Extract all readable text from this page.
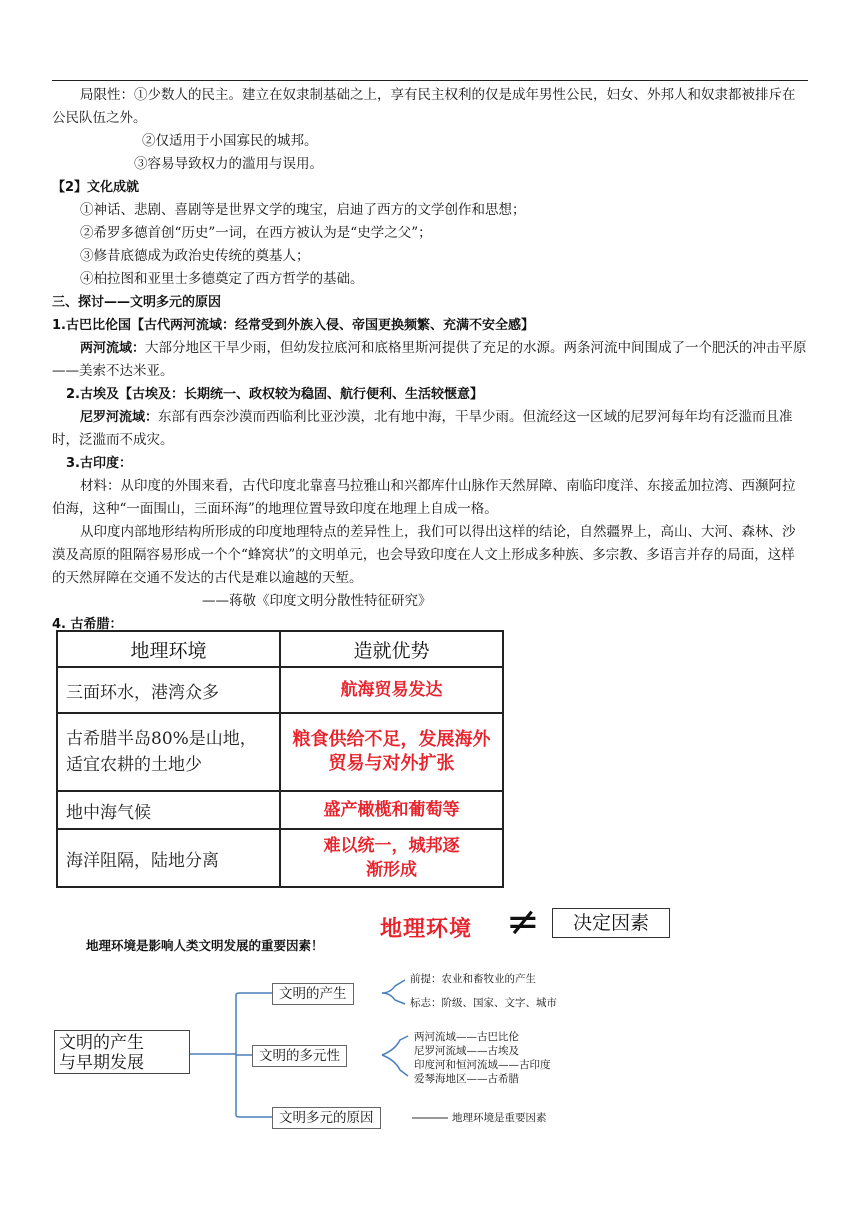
局限性：①少数人的民主。建立在奴隶制基础之上，享有民主权利的仅是成年男性公民，妇女、外邦人和奴隶都被排斥在公民队伍之外。

②仅适用于小国寡民的城邦。

③容易导致权力的滥用与误用。

【2】文化成就

①神话、悲剧、喜剧等是世界文学的瑰宝，启迪了西方的文学创作和思想；

②希罗多德首创“历史”一词，在西方被认为是“史学之父”；

③修昔底德成为政治史传统的奠基人；

④柏拉图和亚里士多德奠定了西方哲学的基础。

三、探讨——文明多元的原因

1.古巴比伦国【古代两河流域：经常受到外族入侵、帝国更换频繁、充满不安全感】

两河流域：大部分地区干旱少雨，但幼发拉底河和底格里斯河提供了充足的水源。两条河流中间围成了一个肥沃的冲击平原——美索不达米亚。

2.古埃及【古埃及：长期统一、政权较为稳固、航行便利、生活较惬意】

尼罗河流域：东部有西奈沙漠而西临利比亚沙漠，北有地中海，干旱少雨。但流经这一区域的尼罗河每年均有泛滥而且准时，泛滥而不成灾。

3.古印度：

材料：从印度的外围来看，古代印度北靠喜马拉雅山和兴都库什山脉作天然屏障、南临印度洋、东接孟加拉湾、西濒阿拉伯海，这种“一面围山，三面环海”的地理位置导致印度在地理上自成一格。

从印度内部地形结构所形成的印度地理特点的差异性上，我们可以得出这样的结论，自然疆界上，高山、大河、森林、沙漠及高原的阻隔容易形成一个个“蜂窝状”的文明单元，也会导致印度在人文上形成多种族、多宗教、多语言并存的局面，这样的天然屏障在交通不发达的古代是难以逾越的天堑。

——蒋敬《印度文明分散性特征研究》

4. 古希腊：

地理环境	造就优势
三面环水，港湾众多	航海贸易发达
古希腊半岛80%是山地，适宜农耕的土地少	粮食供给不足，发展海外贸易与对外扩张
地中海气候	盛产橄榄和葡萄等
海洋阻隔，陆地分离	难以统一，城邦逐渐形成
地理环境 ≠	决定因素
地理环境是影响人类文明发展的重要因素！
文明的产生
与早期发展
文明的产生
文明的多元性
文明多元的原因
前提：农业和畜牧业的产生
标志：阶级、国家、文字、城市
两河流域——古巴比伦
尼罗河流域——古埃及
印度河和恒河流域——古印度
爱琴海地区——古希腊
地理环境是重要因素
